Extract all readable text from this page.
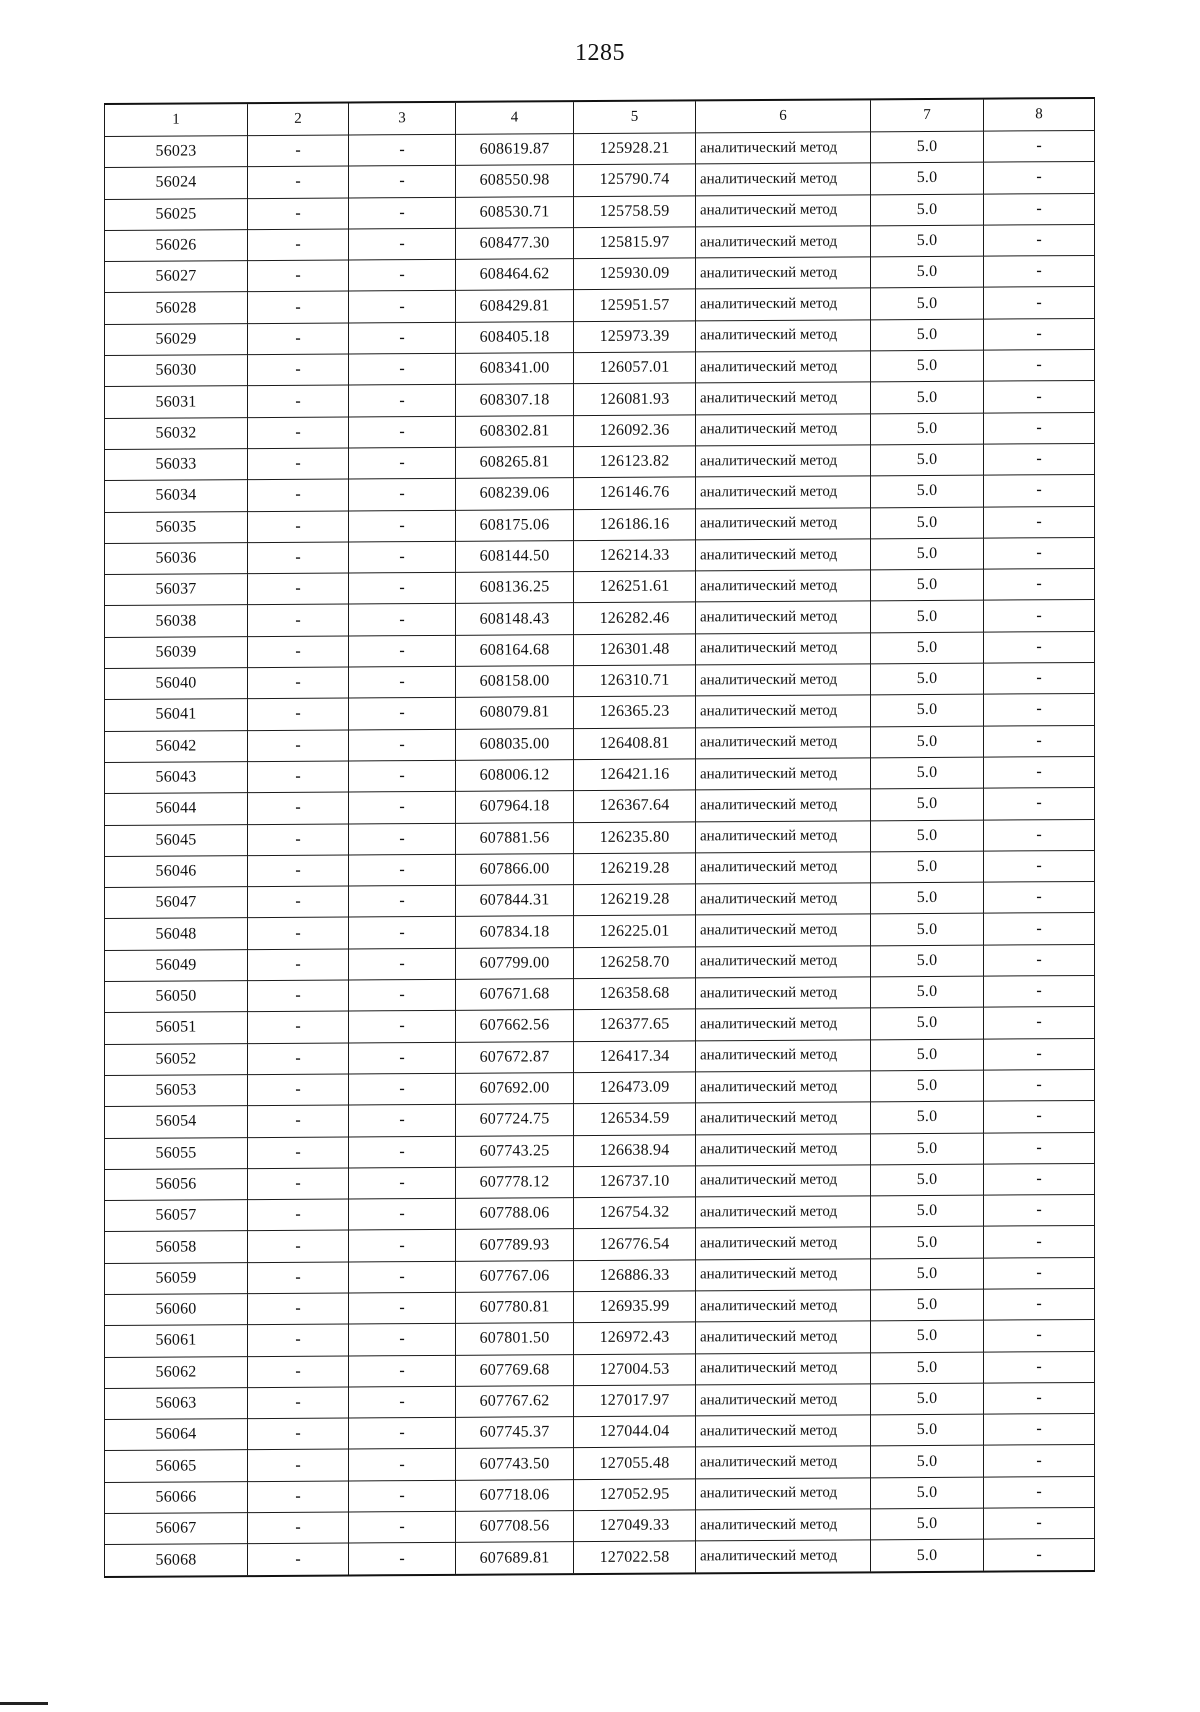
1285
1	2	3	4	5	6	7	8
56023	-	-	608619.87	125928.21	аналитический метод	5.0	-
56024	-	-	608550.98	125790.74	аналитический метод	5.0	-
56025	-	-	608530.71	125758.59	аналитический метод	5.0	-
56026	-	-	608477.30	125815.97	аналитический метод	5.0	-
56027	-	-	608464.62	125930.09	аналитический метод	5.0	-
56028	-	-	608429.81	125951.57	аналитический метод	5.0	-
56029	-	-	608405.18	125973.39	аналитический метод	5.0	-
56030	-	-	608341.00	126057.01	аналитический метод	5.0	-
56031	-	-	608307.18	126081.93	аналитический метод	5.0	-
56032	-	-	608302.81	126092.36	аналитический метод	5.0	-
56033	-	-	608265.81	126123.82	аналитический метод	5.0	-
56034	-	-	608239.06	126146.76	аналитический метод	5.0	-
56035	-	-	608175.06	126186.16	аналитический метод	5.0	-
56036	-	-	608144.50	126214.33	аналитический метод	5.0	-
56037	-	-	608136.25	126251.61	аналитический метод	5.0	-
56038	-	-	608148.43	126282.46	аналитический метод	5.0	-
56039	-	-	608164.68	126301.48	аналитический метод	5.0	-
56040	-	-	608158.00	126310.71	аналитический метод	5.0	-
56041	-	-	608079.81	126365.23	аналитический метод	5.0	-
56042	-	-	608035.00	126408.81	аналитический метод	5.0	-
56043	-	-	608006.12	126421.16	аналитический метод	5.0	-
56044	-	-	607964.18	126367.64	аналитический метод	5.0	-
56045	-	-	607881.56	126235.80	аналитический метод	5.0	-
56046	-	-	607866.00	126219.28	аналитический метод	5.0	-
56047	-	-	607844.31	126219.28	аналитический метод	5.0	-
56048	-	-	607834.18	126225.01	аналитический метод	5.0	-
56049	-	-	607799.00	126258.70	аналитический метод	5.0	-
56050	-	-	607671.68	126358.68	аналитический метод	5.0	-
56051	-	-	607662.56	126377.65	аналитический метод	5.0	-
56052	-	-	607672.87	126417.34	аналитический метод	5.0	-
56053	-	-	607692.00	126473.09	аналитический метод	5.0	-
56054	-	-	607724.75	126534.59	аналитический метод	5.0	-
56055	-	-	607743.25	126638.94	аналитический метод	5.0	-
56056	-	-	607778.12	126737.10	аналитический метод	5.0	-
56057	-	-	607788.06	126754.32	аналитический метод	5.0	-
56058	-	-	607789.93	126776.54	аналитический метод	5.0	-
56059	-	-	607767.06	126886.33	аналитический метод	5.0	-
56060	-	-	607780.81	126935.99	аналитический метод	5.0	-
56061	-	-	607801.50	126972.43	аналитический метод	5.0	-
56062	-	-	607769.68	127004.53	аналитический метод	5.0	-
56063	-	-	607767.62	127017.97	аналитический метод	5.0	-
56064	-	-	607745.37	127044.04	аналитический метод	5.0	-
56065	-	-	607743.50	127055.48	аналитический метод	5.0	-
56066	-	-	607718.06	127052.95	аналитический метод	5.0	-
56067	-	-	607708.56	127049.33	аналитический метод	5.0	-
56068	-	-	607689.81	127022.58	аналитический метод	5.0	-
